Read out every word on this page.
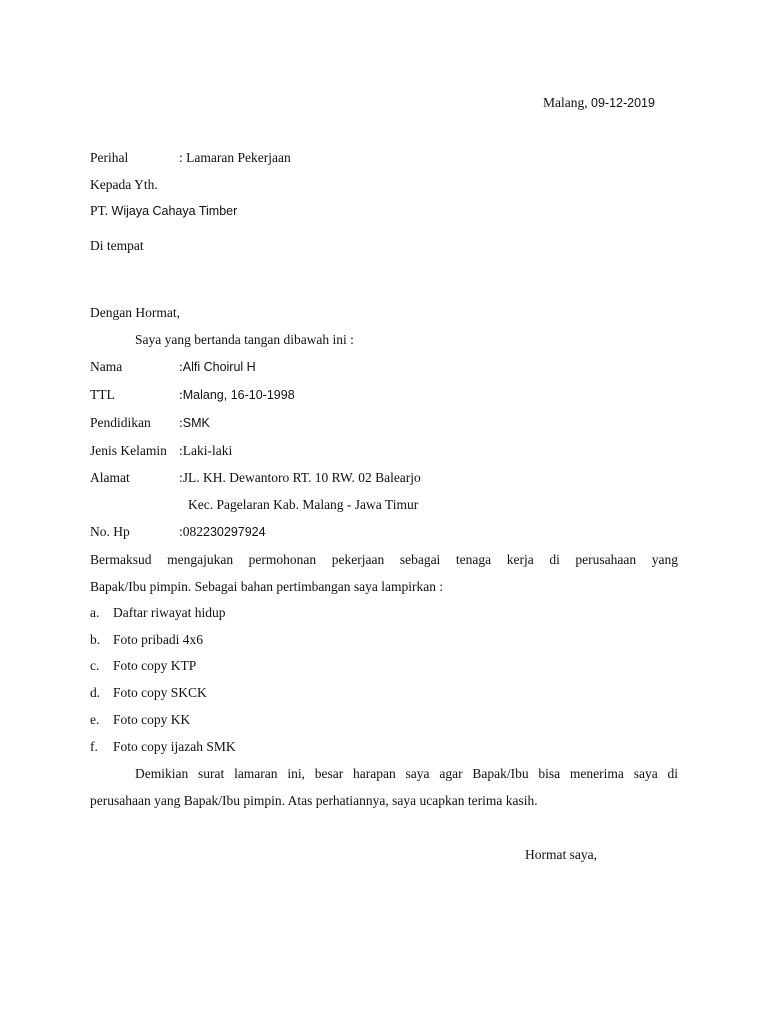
Malang, 09-12-2019
Perihal	: Lamaran Pekerjaan
Kepada Yth.
PT. Wijaya Cahaya Timber
Di tempat
Dengan Hormat,
Saya yang bertanda tangan dibawah ini :
Nama	:Alfi Choirul H
TTL	:Malang, 16-10-1998
Pendidikan :SMK
Jenis Kelamin :Laki-laki
Alamat	:JL. KH. Dewantoro RT. 10 RW. 02 Balearjo
Kec. Pagelaran Kab. Malang - Jawa Timur
No. Hp	:082230297924
Bermaksud mengajukan permohonan pekerjaan sebagai tenaga kerja di perusahaan yang
Bapak/Ibu pimpin. Sebagai bahan pertimbangan saya lampirkan :
a. Daftar riwayat hidup
b. Foto pribadi 4x6
c. Foto copy KTP
d. Foto copy SKCK
e. Foto copy KK
f. Foto copy ijazah SMK
Demikian surat lamaran ini, besar harapan saya agar Bapak/Ibu bisa menerima saya di
perusahaan yang Bapak/Ibu pimpin. Atas perhatiannya, saya ucapkan terima kasih.
Hormat saya,
